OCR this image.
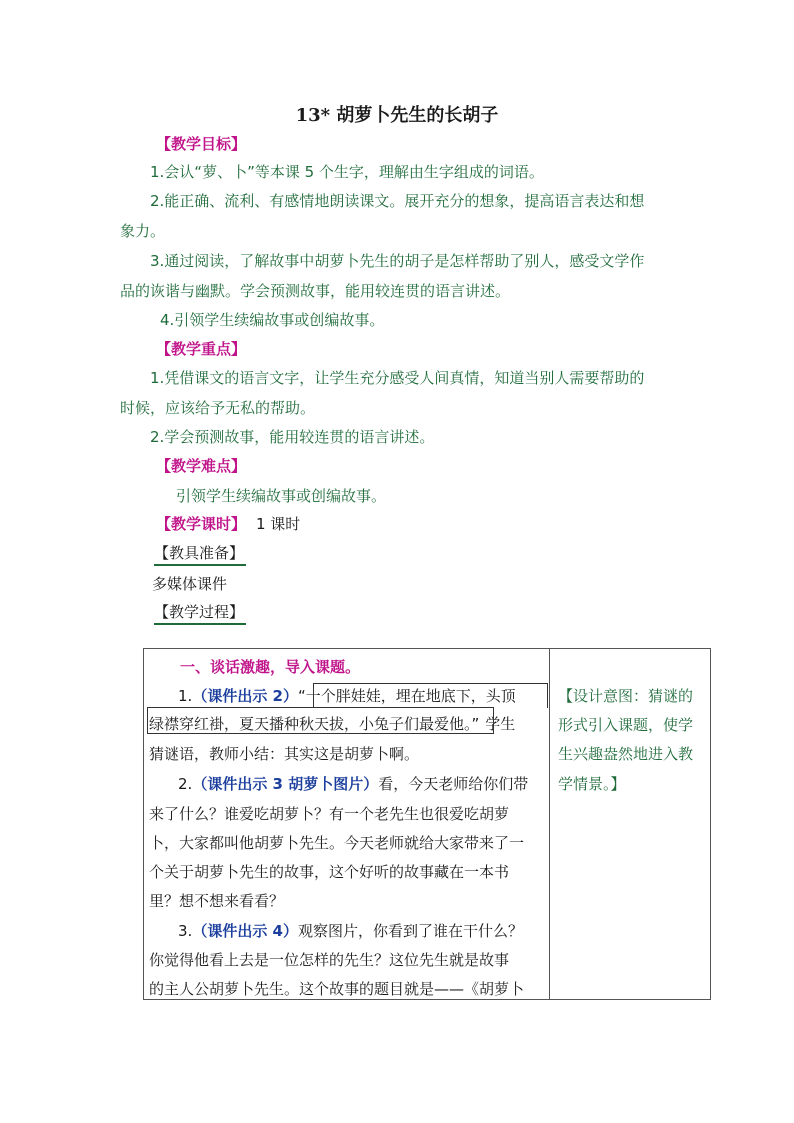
13* 胡萝卜先生的长胡子
【教学目标】
1.会认“萝、卜”等本课 5 个生字，理解由生字组成的词语。
2.能正确、流利、有感情地朗读课文。展开充分的想象，提高语言表达和想
象力。
3.通过阅读，了解故事中胡萝卜先生的胡子是怎样帮助了别人，感受文学作
品的诙谐与幽默。学会预测故事，能用较连贯的语言讲述。
4.引领学生续编故事或创编故事。
【教学重点】
1.凭借课文的语言文字，让学生充分感受人间真情，知道当别人需要帮助的
时候，应该给予无私的帮助。
2.学会预测故事，能用较连贯的语言讲述。
【教学难点】
引领学生续编故事或创编故事。
【教学课时】 1 课时
【教具准备】
多媒体课件
【教学过程】

一、谈话激趣，导入课题。
1.（课件出示 2）“一个胖娃娃，埋在地底下，头顶
绿襟穿红褂，夏天播种秋天拔，小兔子们最爱他。” 学生
猜谜语，教师小结：其实这是胡萝卜啊。
2.（课件出示 3 胡萝卜图片）看，今天老师给你们带
来了什么？谁爱吃胡萝卜？有一个老先生也很爱吃胡萝
卜，大家都叫他胡萝卜先生。今天老师就给大家带来了一
个关于胡萝卜先生的故事，这个好听的故事藏在一本书
里？想不想来看看？
3.（课件出示 4）观察图片，你看到了谁在干什么？
你觉得他看上去是一位怎样的先生？这位先生就是故事
的主人公胡萝卜先生。这个故事的题目就是——《胡萝卜
【设计意图：猜谜的
形式引入课题，使学
生兴趣盎然地进入教
学情景。】
